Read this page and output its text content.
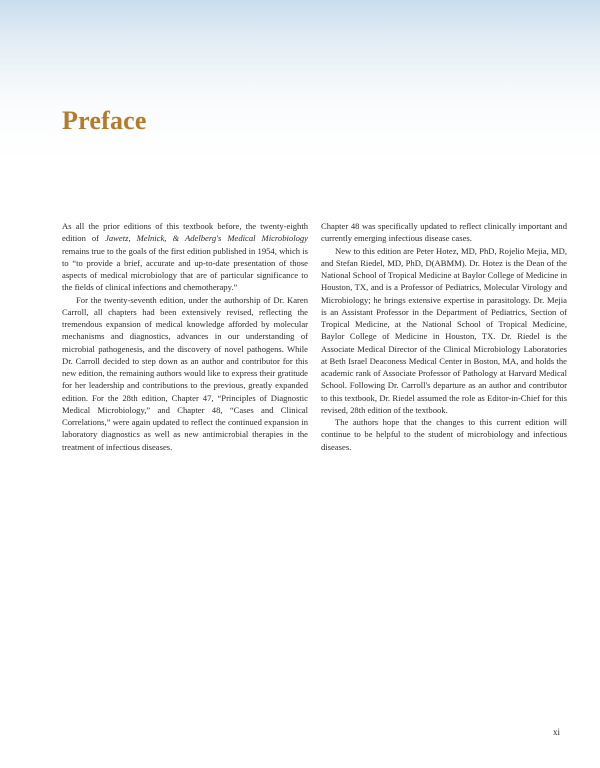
Preface

As all the prior editions of this textbook before, the twenty-eighth edition of Jawetz, Melnick, & Adelberg's Medical Microbiology remains true to the goals of the first edition published in 1954, which is to “to provide a brief, accurate and up-to-date presentation of those aspects of medical microbiology that are of particular significance to the fields of clinical infections and chemotherapy.”

For the twenty-seventh edition, under the authorship of Dr. Karen Carroll, all chapters had been extensively revised, reflecting the tremendous expansion of medical knowledge afforded by molecular mechanisms and diagnostics, advances in our understanding of microbial pathogenesis, and the discovery of novel pathogens. While Dr. Carroll decided to step down as an author and contributor for this new edition, the remaining authors would like to express their gratitude for her leadership and contributions to the previous, greatly expanded edition. For the 28th edition, Chapter 47, “Principles of Diagnostic Medical Microbiology,” and Chapter 48, “Cases and Clinical Correlations,” were again updated to reflect the continued expansion in laboratory diagnostics as well as new antimicrobial therapies in the treatment of infectious diseases.

Chapter 48 was specifically updated to reflect clinically important and currently emerging infectious disease cases.

New to this edition are Peter Hotez, MD, PhD, Rojelio Mejia, MD, and Stefan Riedel, MD, PhD, D(ABMM). Dr. Hotez is the Dean of the National School of Tropical Medicine at Baylor College of Medicine in Houston, TX, and is a Professor of Pediatrics, Molecular Virology and Microbiology; he brings extensive expertise in parasitology. Dr. Mejia is an Assistant Professor in the Department of Pediatrics, Section of Tropical Medicine, at the National School of Tropical Medicine, Baylor College of Medicine in Houston, TX. Dr. Riedel is the Associate Medical Director of the Clinical Microbiology Laboratories at Beth Israel Deaconess Medical Center in Boston, MA, and holds the academic rank of Associate Professor of Pathology at Harvard Medical School. Following Dr. Carroll's departure as an author and contributor to this textbook, Dr. Riedel assumed the role as Editor-in-Chief for this revised, 28th edition of the textbook.

The authors hope that the changes to this current edition will continue to be helpful to the student of microbiology and infectious diseases.

xi
